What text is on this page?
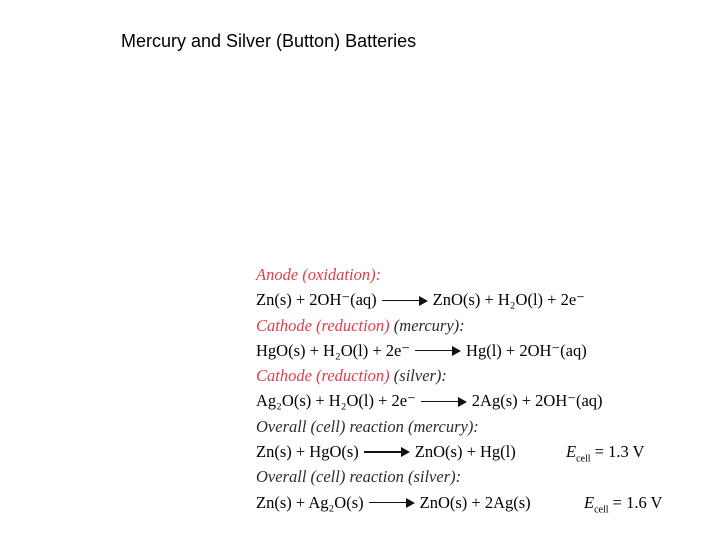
Mercury and Silver (Button) Batteries
Anode (oxidation):
Zn(s) + 2OH⁻(aq)	ZnO(s) + H₂O(l) + 2e⁻
Cathode (reduction) (mercury):
HgO(s) + H₂O(l) + 2e⁻	Hg(l) + 2OH⁻(aq)
Cathode (reduction) (silver):
Ag₂O(s) + H₂O(l) + 2e⁻	2Ag(s) + 2OH⁻(aq)
Overall (cell) reaction (mercury):
Zn(s) + HgO(s)	ZnO(s) + Hg(l)	$E_{cell} = 1.3$ V
Overall (cell) reaction (silver):
Zn(s) + Ag₂O(s)	ZnO(s) + 2Ag(s)	$E_{cell} = 1.6$ V
